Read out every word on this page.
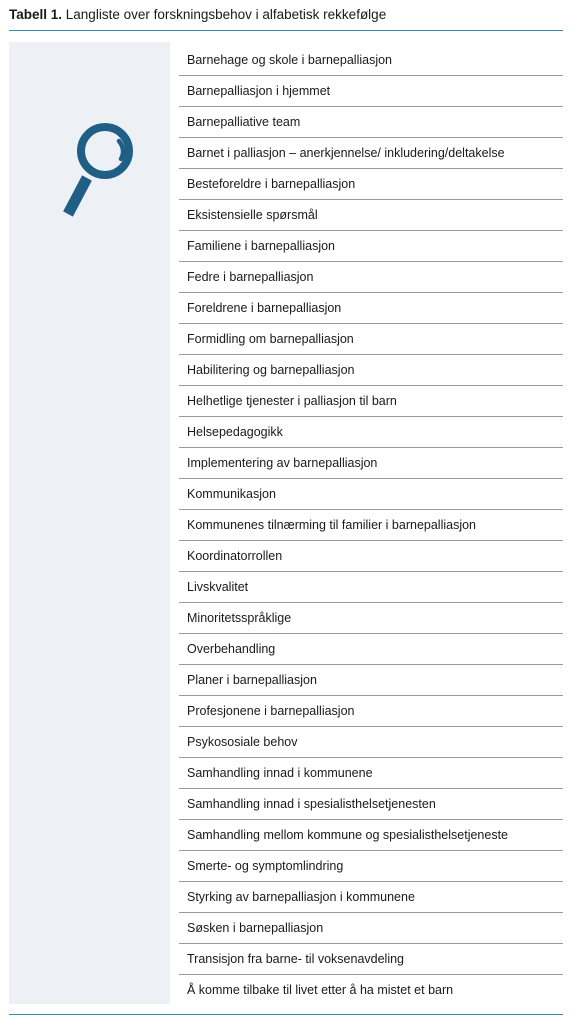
Tabell 1. Langliste over forskningsbehov i alfabetisk rekkefølge
Barnehage og skole i barnepalliasjon
Barnepalliasjon i hjemmet
Barnepalliative team
Barnet i palliasjon – anerkjennelse/ inkludering/deltakelse
Besteforeldre i barnepalliasjon
Eksistensielle spørsmål
Familiene i barnepalliasjon
Fedre i barnepalliasjon
Foreldrene i barnepalliasjon
Formidling om barnepalliasjon
Habilitering og barnepalliasjon
Helhetlige tjenester i palliasjon til barn
Helsepedagogikk
Implementering av barnepalliasjon
Kommunikasjon
Kommunenes tilnærming til familier i barnepalliasjon
Koordinatorrollen
Livskvalitet
Minoritetsspråklige
Overbehandling
Planer i barnepalliasjon
Profesjonene i barnepalliasjon
Psykososiale behov
Samhandling innad i kommunene
Samhandling innad i spesialisthelsetjenesten
Samhandling mellom kommune og spesialisthelsetjeneste
Smerte- og symptomlindring
Styrking av barnepalliasjon i kommunene
Søsken i barnepalliasjon
Transisjon fra barne- til voksenavdeling
Å komme tilbake til livet etter å ha mistet et barn
